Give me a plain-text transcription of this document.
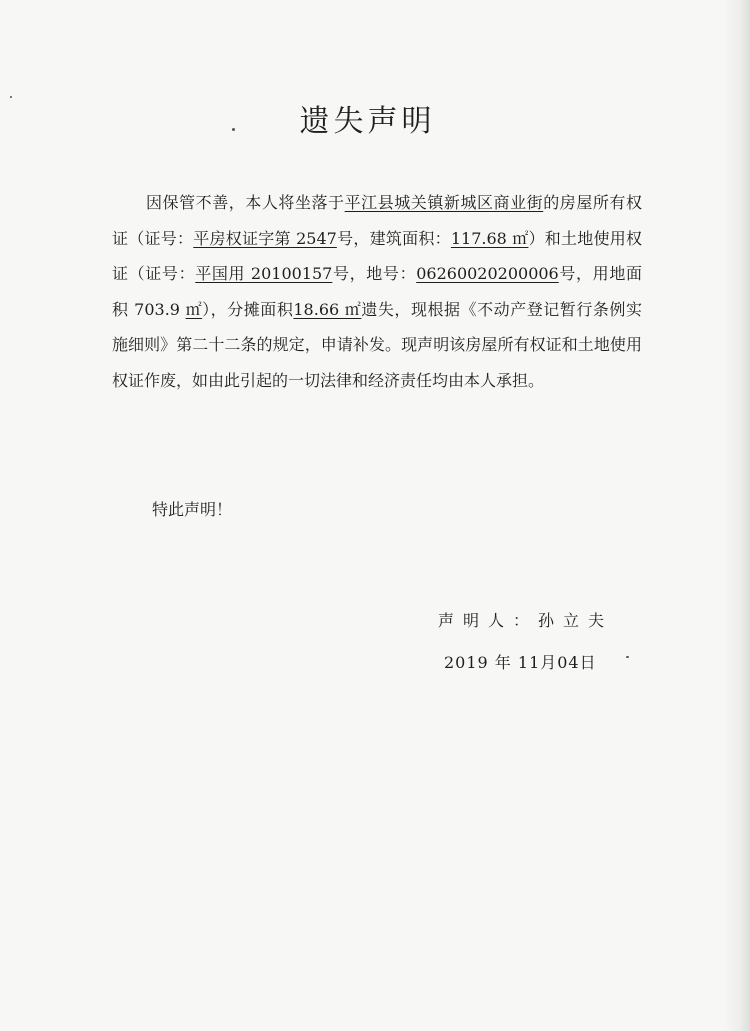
遗失声明
因保管不善，本人将坐落于平江县城关镇新城区商业街的房屋所有权证（证号：平房权证字第 2547号，建筑面积：117.68 ㎡）和土地使用权证（证号：平国用 20100157号，地号：06260020200006号，用地面积 703.9 ㎡），分摊面积18.66 ㎡遗失，现根据《不动产登记暂行条例实施细则》第二十二条的规定，申请补发。现声明该房屋所有权证和土地使用权证作废，如由此引起的一切法律和经济责任均由本人承担。
特此声明！
声明人：孙立夫
2019 年 11月04日
